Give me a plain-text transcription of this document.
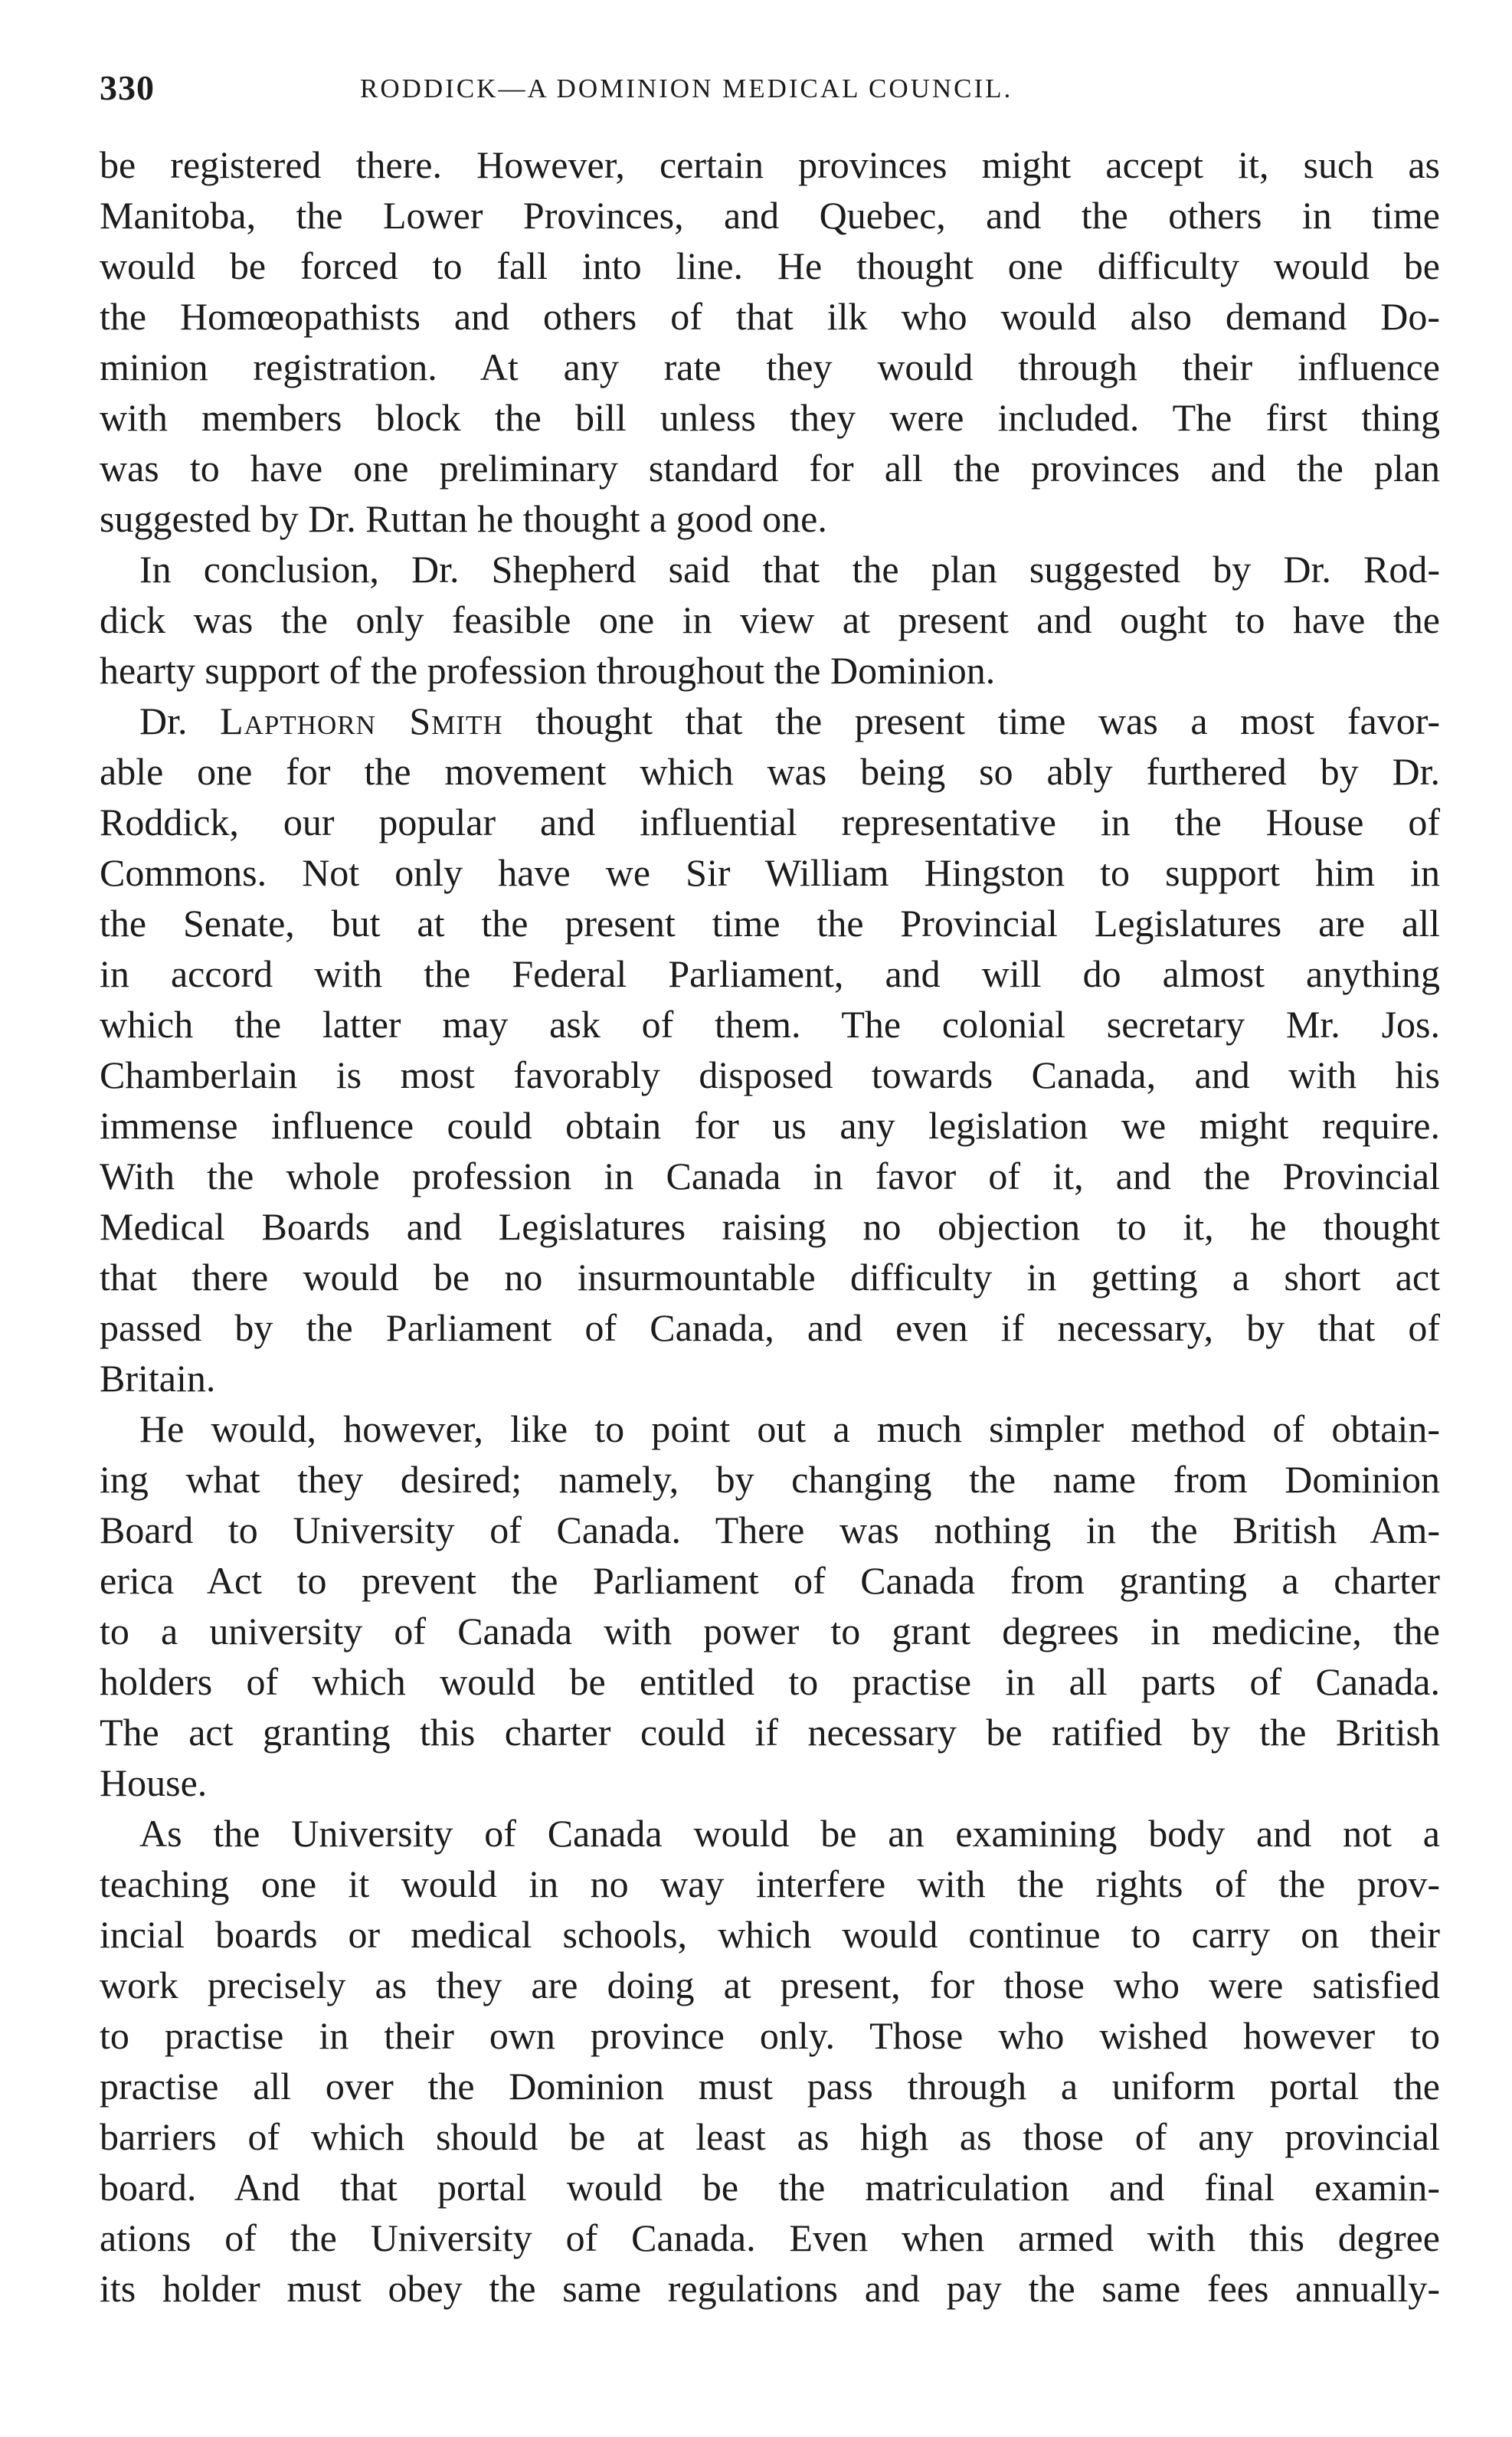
330	RODDICK—A DOMINION MEDICAL COUNCIL.
be registered there. However, certain provinces might accept it, such as
Manitoba, the Lower Provinces, and Quebec, and the others in time
would be forced to fall into line. He thought one difficulty would be
the Homœopathists and others of that ilk who would also demand Do-
minion registration. At any rate they would through their influence
with members block the bill unless they were included. The first thing
was to have one preliminary standard for all the provinces and the plan
suggested by Dr. Ruttan he thought a good one.
In conclusion, Dr. Shepherd said that the plan suggested by Dr. Rod-
dick was the only feasible one in view at present and ought to have the
hearty support of the profession throughout the Dominion.
Dr. Lapthorn Smith thought that the present time was a most favor-
able one for the movement which was being so ably furthered by Dr.
Roddick, our popular and influential representative in the House of
Commons. Not only have we Sir William Hingston to support him in
the Senate, but at the present time the Provincial Legislatures are all
in accord with the Federal Parliament, and will do almost anything
which the latter may ask of them. The colonial secretary Mr. Jos.
Chamberlain is most favorably disposed towards Canada, and with his
immense influence could obtain for us any legislation we might require.
With the whole profession in Canada in favor of it, and the Provincial
Medical Boards and Legislatures raising no objection to it, he thought
that there would be no insurmountable difficulty in getting a short act
passed by the Parliament of Canada, and even if necessary, by that of
Britain.
He would, however, like to point out a much simpler method of obtain-
ing what they desired; namely, by changing the name from Dominion
Board to University of Canada. There was nothing in the British Am-
erica Act to prevent the Parliament of Canada from granting a charter
to a university of Canada with power to grant degrees in medicine, the
holders of which would be entitled to practise in all parts of Canada.
The act granting this charter could if necessary be ratified by the British
House.
As the University of Canada would be an examining body and not a
teaching one it would in no way interfere with the rights of the prov-
incial boards or medical schools, which would continue to carry on their
work precisely as they are doing at present, for those who were satisfied
to practise in their own province only. Those who wished however to
practise all over the Dominion must pass through a uniform portal the
barriers of which should be at least as high as those of any provincial
board. And that portal would be the matriculation and final examin-
ations of the University of Canada. Even when armed with this degree
its holder must obey the same regulations and pay the same fees annually-
